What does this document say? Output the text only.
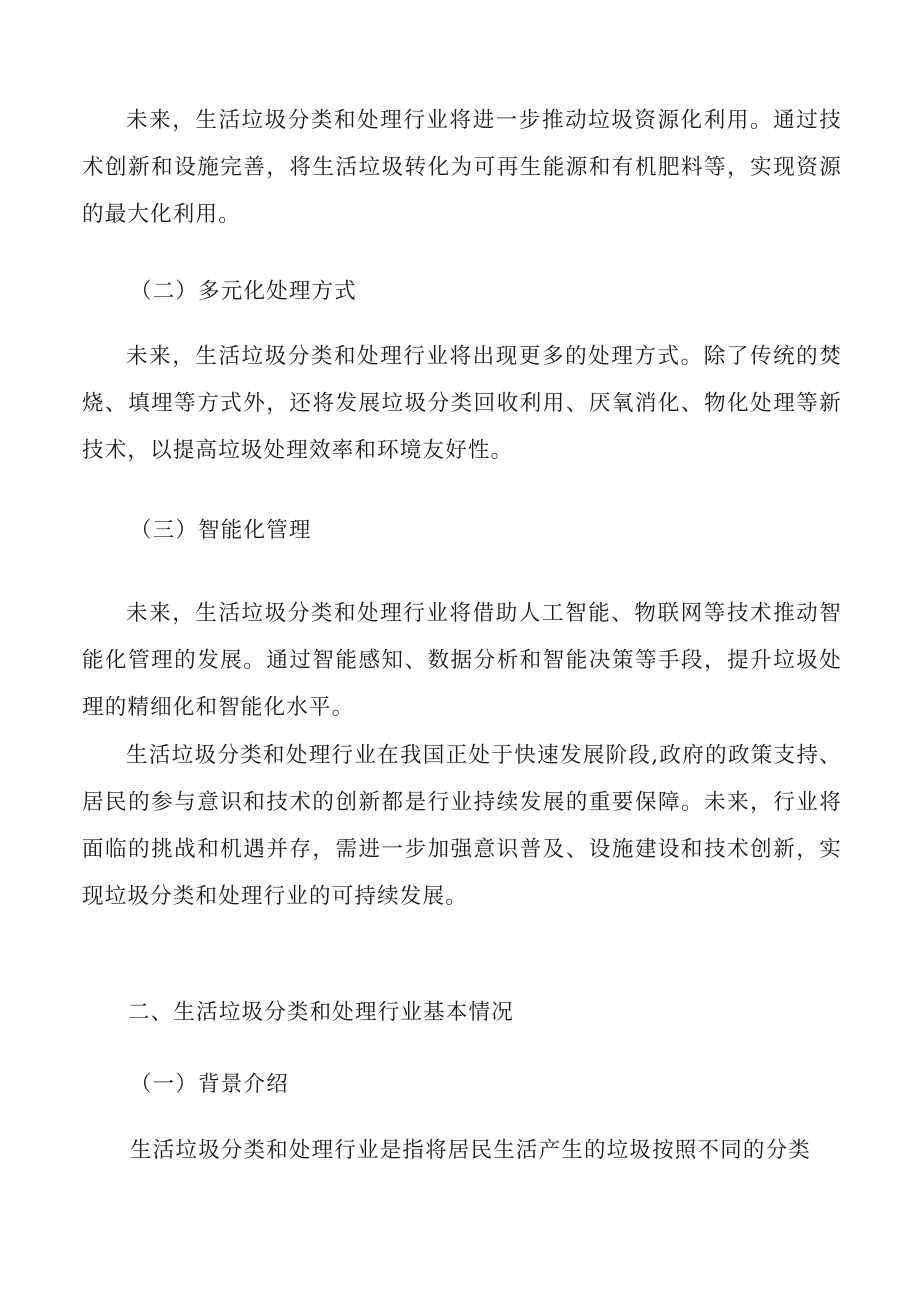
未来，生活垃圾分类和处理行业将进一步推动垃圾资源化利用。通过技术创新和设施完善，将生活垃圾转化为可再生能源和有机肥料等，实现资源的最大化利用。

（二）多元化处理方式

未来，生活垃圾分类和处理行业将出现更多的处理方式。除了传统的焚烧、填埋等方式外，还将发展垃圾分类回收利用、厌氧消化、物化处理等新技术，以提高垃圾处理效率和环境友好性。

（三）智能化管理

未来，生活垃圾分类和处理行业将借助人工智能、物联网等技术推动智能化管理的发展。通过智能感知、数据分析和智能决策等手段，提升垃圾处理的精细化和智能化水平。

生活垃圾分类和处理行业在我国正处于快速发展阶段,政府的政策支持、居民的参与意识和技术的创新都是行业持续发展的重要保障。未来，行业将面临的挑战和机遇并存，需进一步加强意识普及、设施建设和技术创新，实现垃圾分类和处理行业的可持续发展。

二、生活垃圾分类和处理行业基本情况

（一）背景介绍

生活垃圾分类和处理行业是指将居民生活产生的垃圾按照不同的分类
